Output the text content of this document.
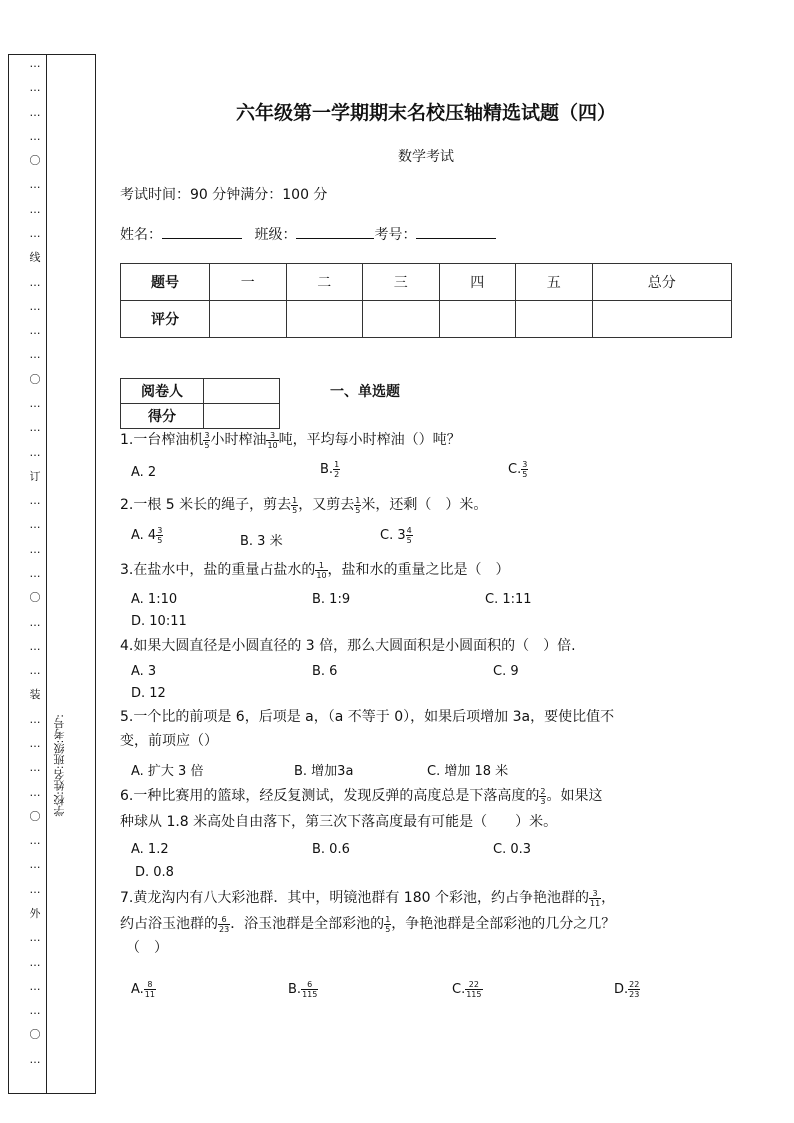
…
…
…
…
〇
…
…
…
线
…
…
…
…
〇
…
…
…
订
…
…
…
…
〇
…
…
…
装
…
…
…
…
〇
…
…
…
外
…
…
…
…
〇
…
学校:姓名:班级:考号:
六年级第一学期期末名校压轴精选试题（四）
数学考试
考试时间：90 分钟满分：100 分
姓名：	班级：	考号：
题号	一	二	三	四	五	总分
评分						
阅卷人	
得分	
一、单选题
1.一台榨油机 $\frac{3}{5}$ 小时榨油 $\frac{3}{10}$ 吨，平均每小时榨油（）吨？
A. 2	B. $\frac{1}{2}$	C. $\frac{3}{5}$
2.一根 5 米长的绳子，剪去 $\frac{1}{5}$ ，又剪去 $\frac{1}{5}$ 米，还剩（　）米。
A. $4 \frac{3}{5}$	B. 3 米	C. $3 \frac{4}{5}$
3.在盐水中，盐的重量占盐水的 $\frac{1}{10}$ ，盐和水的重量之比是（　）
A. 1:10	B. 1:9	C. 1:11
D. 10:11
4.如果大圆直径是小圆直径的 3 倍，那么大圆面积是小圆面积的（　）倍.
A. 3	B. 6	C. 9
D. 12
5.一个比的前项是 6，后项是 a，（a 不等于 0），如果后项增加 3a，要使比值不
变，前项应（）
A. 扩大 3 倍	B. 增加3a	C. 增加 18 米
6.一种比赛用的篮球，经反复测试，发现反弹的高度总是下落高度的 $\frac{2}{3}$ 。如果这
种球从 1.8 米高处自由落下，第三次下落高度最有可能是（　　）米。
A. 1.2	B. 0.6	C. 0.3
D. 0.8
7.黄龙沟内有八大彩池群．其中，明镜池群有 180 个彩池，约占争艳池群的 $\frac{3}{11}$ ，
约占浴玉池群的 $\frac{6}{23}$ ．浴玉池群是全部彩池的 $\frac{1}{5}$ ，争艳池群是全部彩池的几分之几？
（　）
A. $\frac{8}{11}$	B. $\frac{6}{115}$	C. $\frac{22}{115}$	D. $\frac{22}{23}$
